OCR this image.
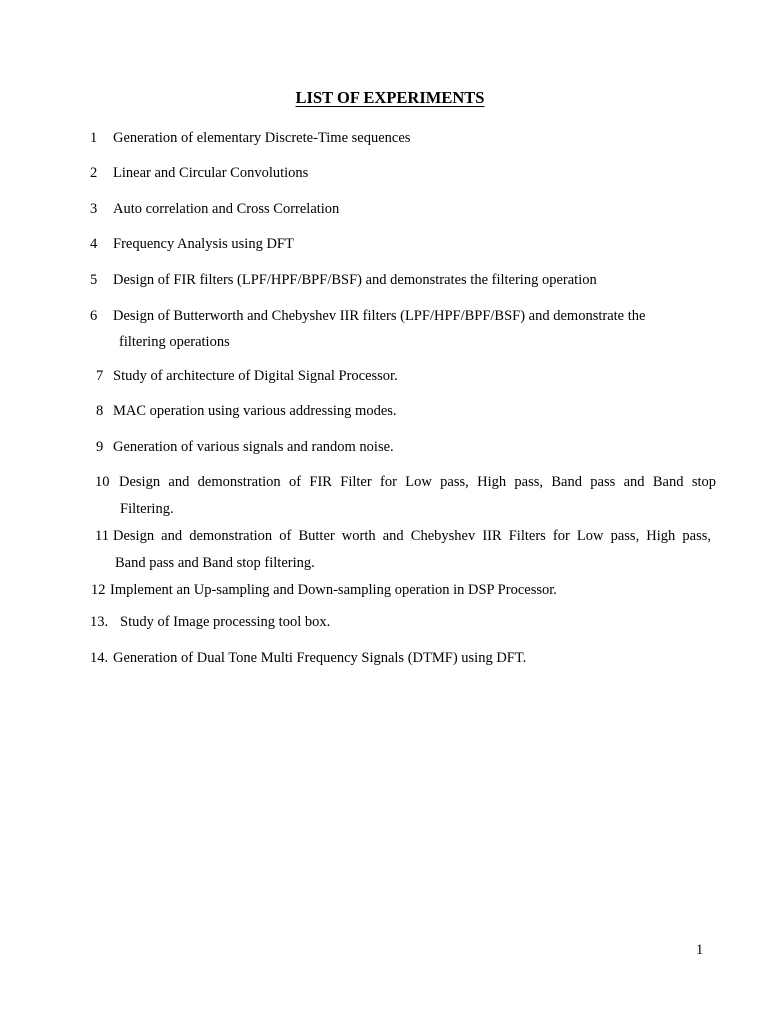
LIST OF EXPERIMENTS
1 Generation of elementary Discrete-Time sequences
2 Linear and Circular Convolutions
3 Auto correlation and Cross Correlation
4 Frequency Analysis using DFT
5 Design of FIR filters (LPF/HPF/BPF/BSF) and demonstrates the filtering operation
6 Design of Butterworth and Chebyshev IIR filters (LPF/HPF/BPF/BSF) and demonstrate the
filtering operations
7 Study of architecture of Digital Signal Processor.
8 MAC operation using various addressing modes.
9 Generation of various signals and random noise.
10 Design and demonstration of FIR Filter for Low pass, High pass, Band pass and Band stop
Filtering.
11 Design and demonstration of Butter worth and Chebyshev IIR Filters for Low pass, High pass,
Band pass and Band stop filtering.
12 Implement an Up-sampling and Down-sampling operation in DSP Processor.
13. Study of Image processing tool box.
14. Generation of Dual Tone Multi Frequency Signals (DTMF) using DFT.
1
